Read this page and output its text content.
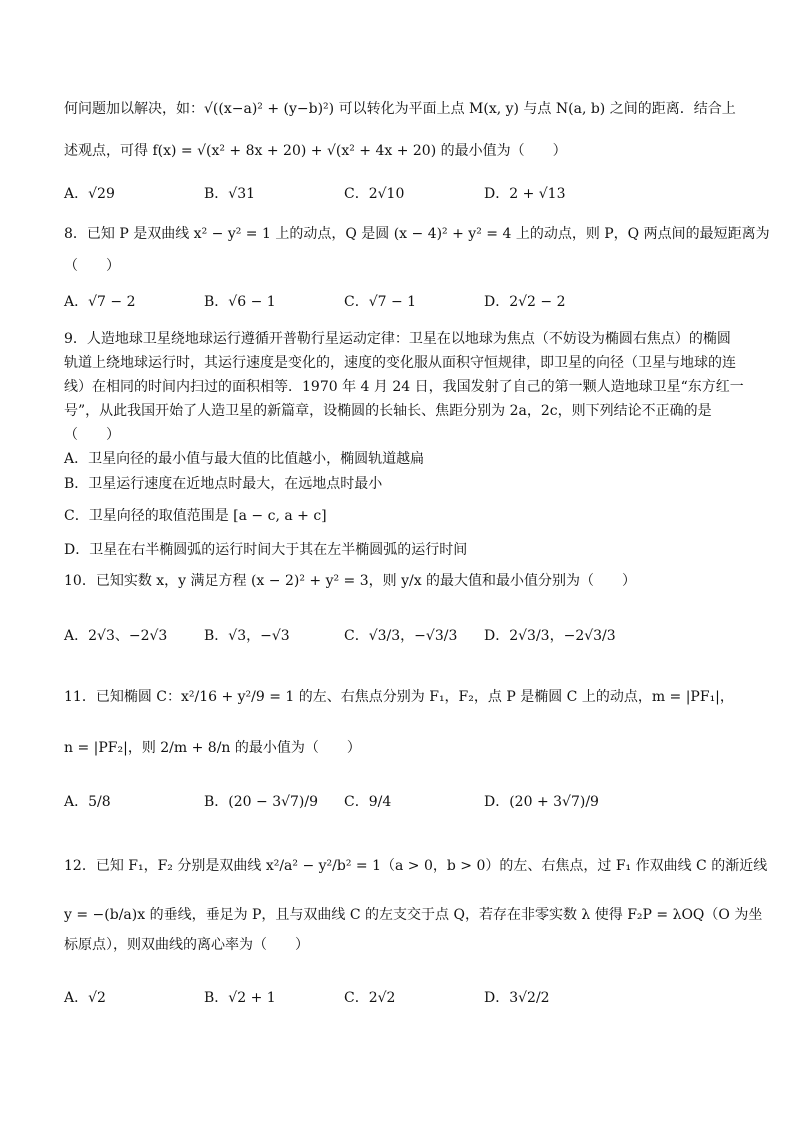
何问题加以解决，如：√((x−a)² + (y−b)²) 可以转化为平面上点 M(x, y) 与点 N(a, b) 之间的距离．结合上
述观点，可得 f(x) = √(x² + 8x + 20) + √(x² + 4x + 20) 的最小值为（　　）
A．√29	B．√31	C．2√10	D．2 + √13
8．已知 P 是双曲线 x² − y² = 1 上的动点，Q 是圆 (x − 4)² + y² = 4 上的动点，则 P，Q 两点间的最短距离为
（　　）
A．√7 − 2	B．√6 − 1	C．√7 − 1	D．2√2 − 2
9．人造地球卫星绕地球运行遵循开普勒行星运动定律：卫星在以地球为焦点（不妨设为椭圆右焦点）的椭圆
轨道上绕地球运行时，其运行速度是变化的，速度的变化服从面积守恒规律，即卫星的向径（卫星与地球的连
线）在相同的时间内扫过的面积相等．1970 年 4 月 24 日，我国发射了自己的第一颗人造地球卫星“东方红一
号”，从此我国开始了人造卫星的新篇章，设椭圆的长轴长、焦距分别为 2a，2c，则下列结论不正确的是
（　　）
A．卫星向径的最小值与最大值的比值越小，椭圆轨道越扁
B．卫星运行速度在近地点时最大，在远地点时最小
C．卫星向径的取值范围是 [a − c, a + c]
D．卫星在右半椭圆弧的运行时间大于其在左半椭圆弧的运行时间
10．已知实数 x，y 满足方程 (x − 2)² + y² = 3，则 y/x 的最大值和最小值分别为（　　）
A．2√3、−2√3	B．√3，−√3	C．√3/3，−√3/3 D．2√3/3，−2√3/3
11．已知椭圆 C：x²/16 + y²/9 = 1 的左、右焦点分别为 F₁，F₂，点 P 是椭圆 C 上的动点，m = |PF₁|，
n = |PF₂|，则 2/m + 8/n 的最小值为（　　）
A．5/8	B．(20 − 3√7)/9 C．9/4	D．(20 + 3√7)/9
12．已知 F₁，F₂ 分别是双曲线 x²/a² − y²/b² = 1（a > 0，b > 0）的左、右焦点，过 F₁ 作双曲线 C 的渐近线
y = −(b/a)x 的垂线，垂足为 P，且与双曲线 C 的左支交于点 Q，若存在非零实数 λ 使得 F₂P = λOQ（O 为坐
标原点），则双曲线的离心率为（　　）
A．√2	B．√2 + 1	C．2√2	D．3√2/2
